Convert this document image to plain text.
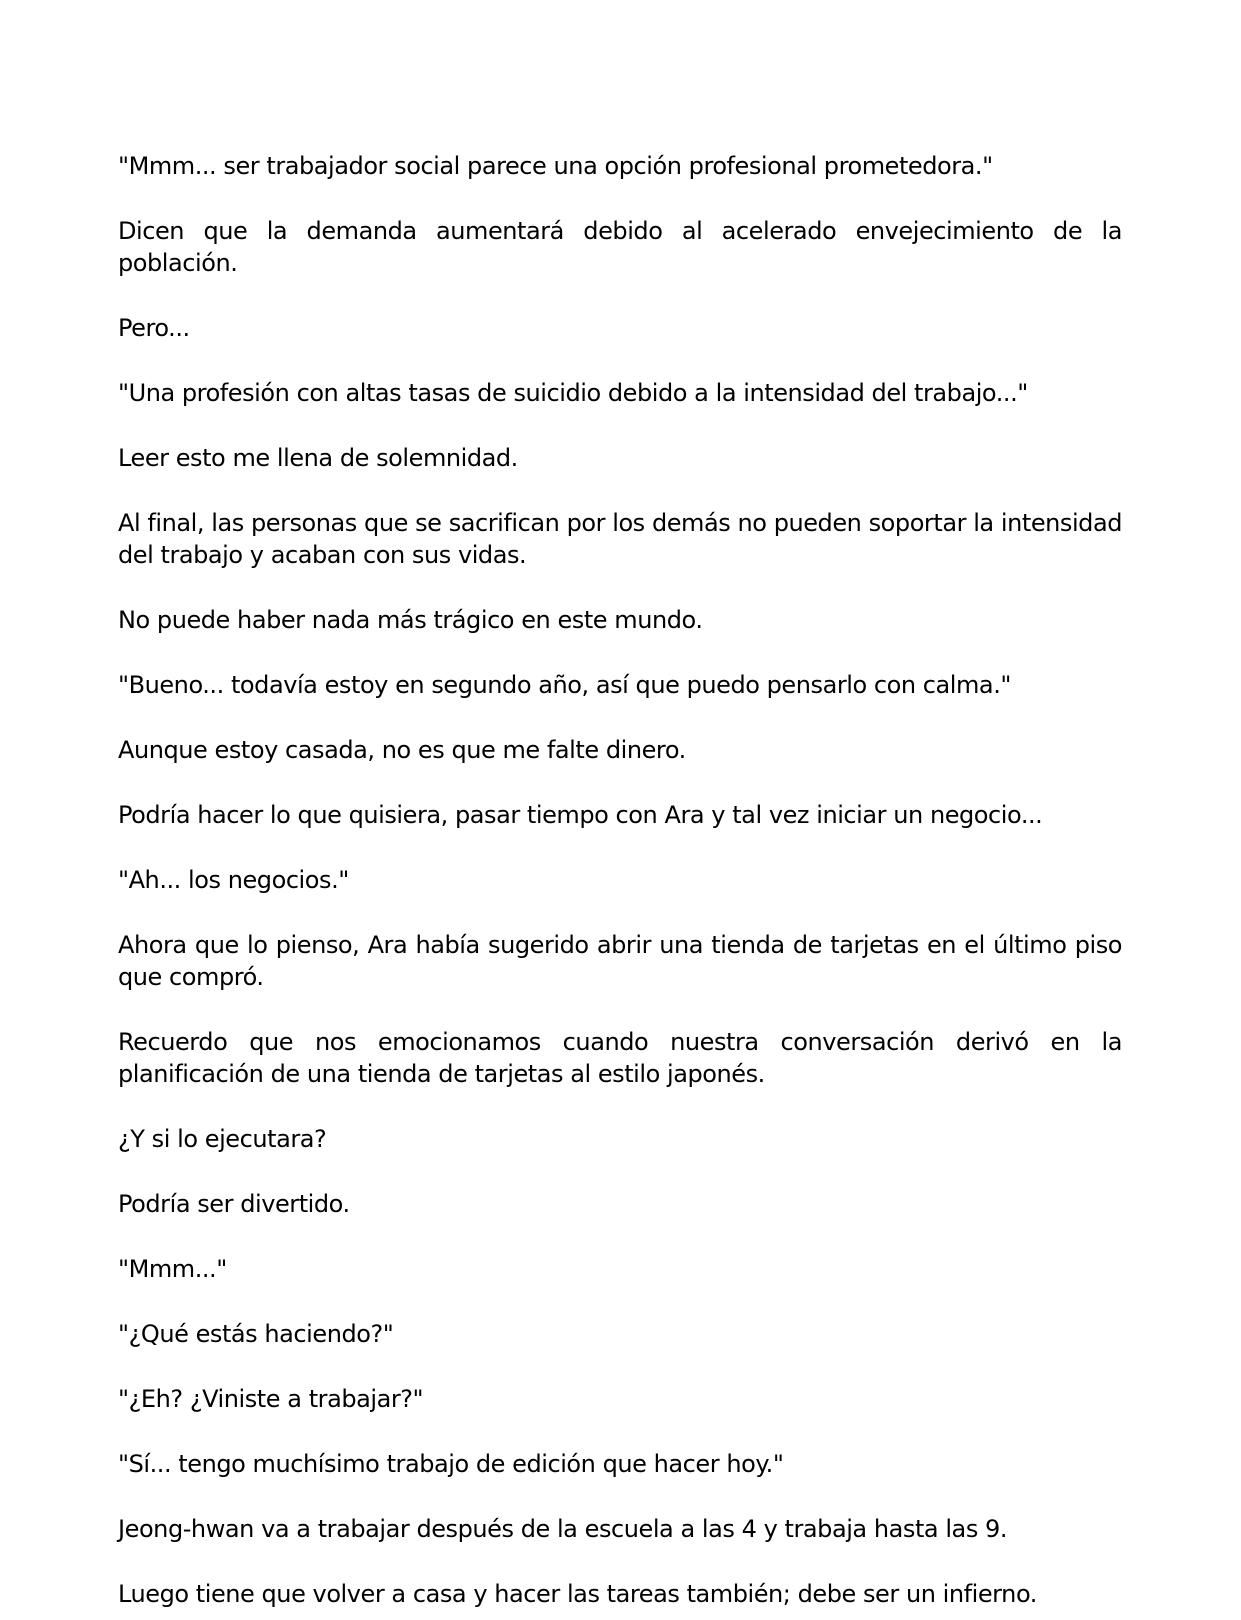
"Mmm... ser trabajador social parece una opción profesional prometedora."

Dicen que la demanda aumentará debido al acelerado envejecimiento de la población.

Pero...

"Una profesión con altas tasas de suicidio debido a la intensidad del trabajo..."

Leer esto me llena de solemnidad.

Al final, las personas que se sacrifican por los demás no pueden soportar la intensidad del trabajo y acaban con sus vidas.

No puede haber nada más trágico en este mundo.

"Bueno... todavía estoy en segundo año, así que puedo pensarlo con calma."

Aunque estoy casada, no es que me falte dinero.

Podría hacer lo que quisiera, pasar tiempo con Ara y tal vez iniciar un negocio...

"Ah... los negocios."

Ahora que lo pienso, Ara había sugerido abrir una tienda de tarjetas en el último piso que compró.

Recuerdo que nos emocionamos cuando nuestra conversación derivó en la planificación de una tienda de tarjetas al estilo japonés.

¿Y si lo ejecutara?

Podría ser divertido.

"Mmm..."

"¿Qué estás haciendo?"

"¿Eh? ¿Viniste a trabajar?"

"Sí... tengo muchísimo trabajo de edición que hacer hoy."

Jeong-hwan va a trabajar después de la escuela a las 4 y trabaja hasta las 9.

Luego tiene que volver a casa y hacer las tareas también; debe ser un infierno.
